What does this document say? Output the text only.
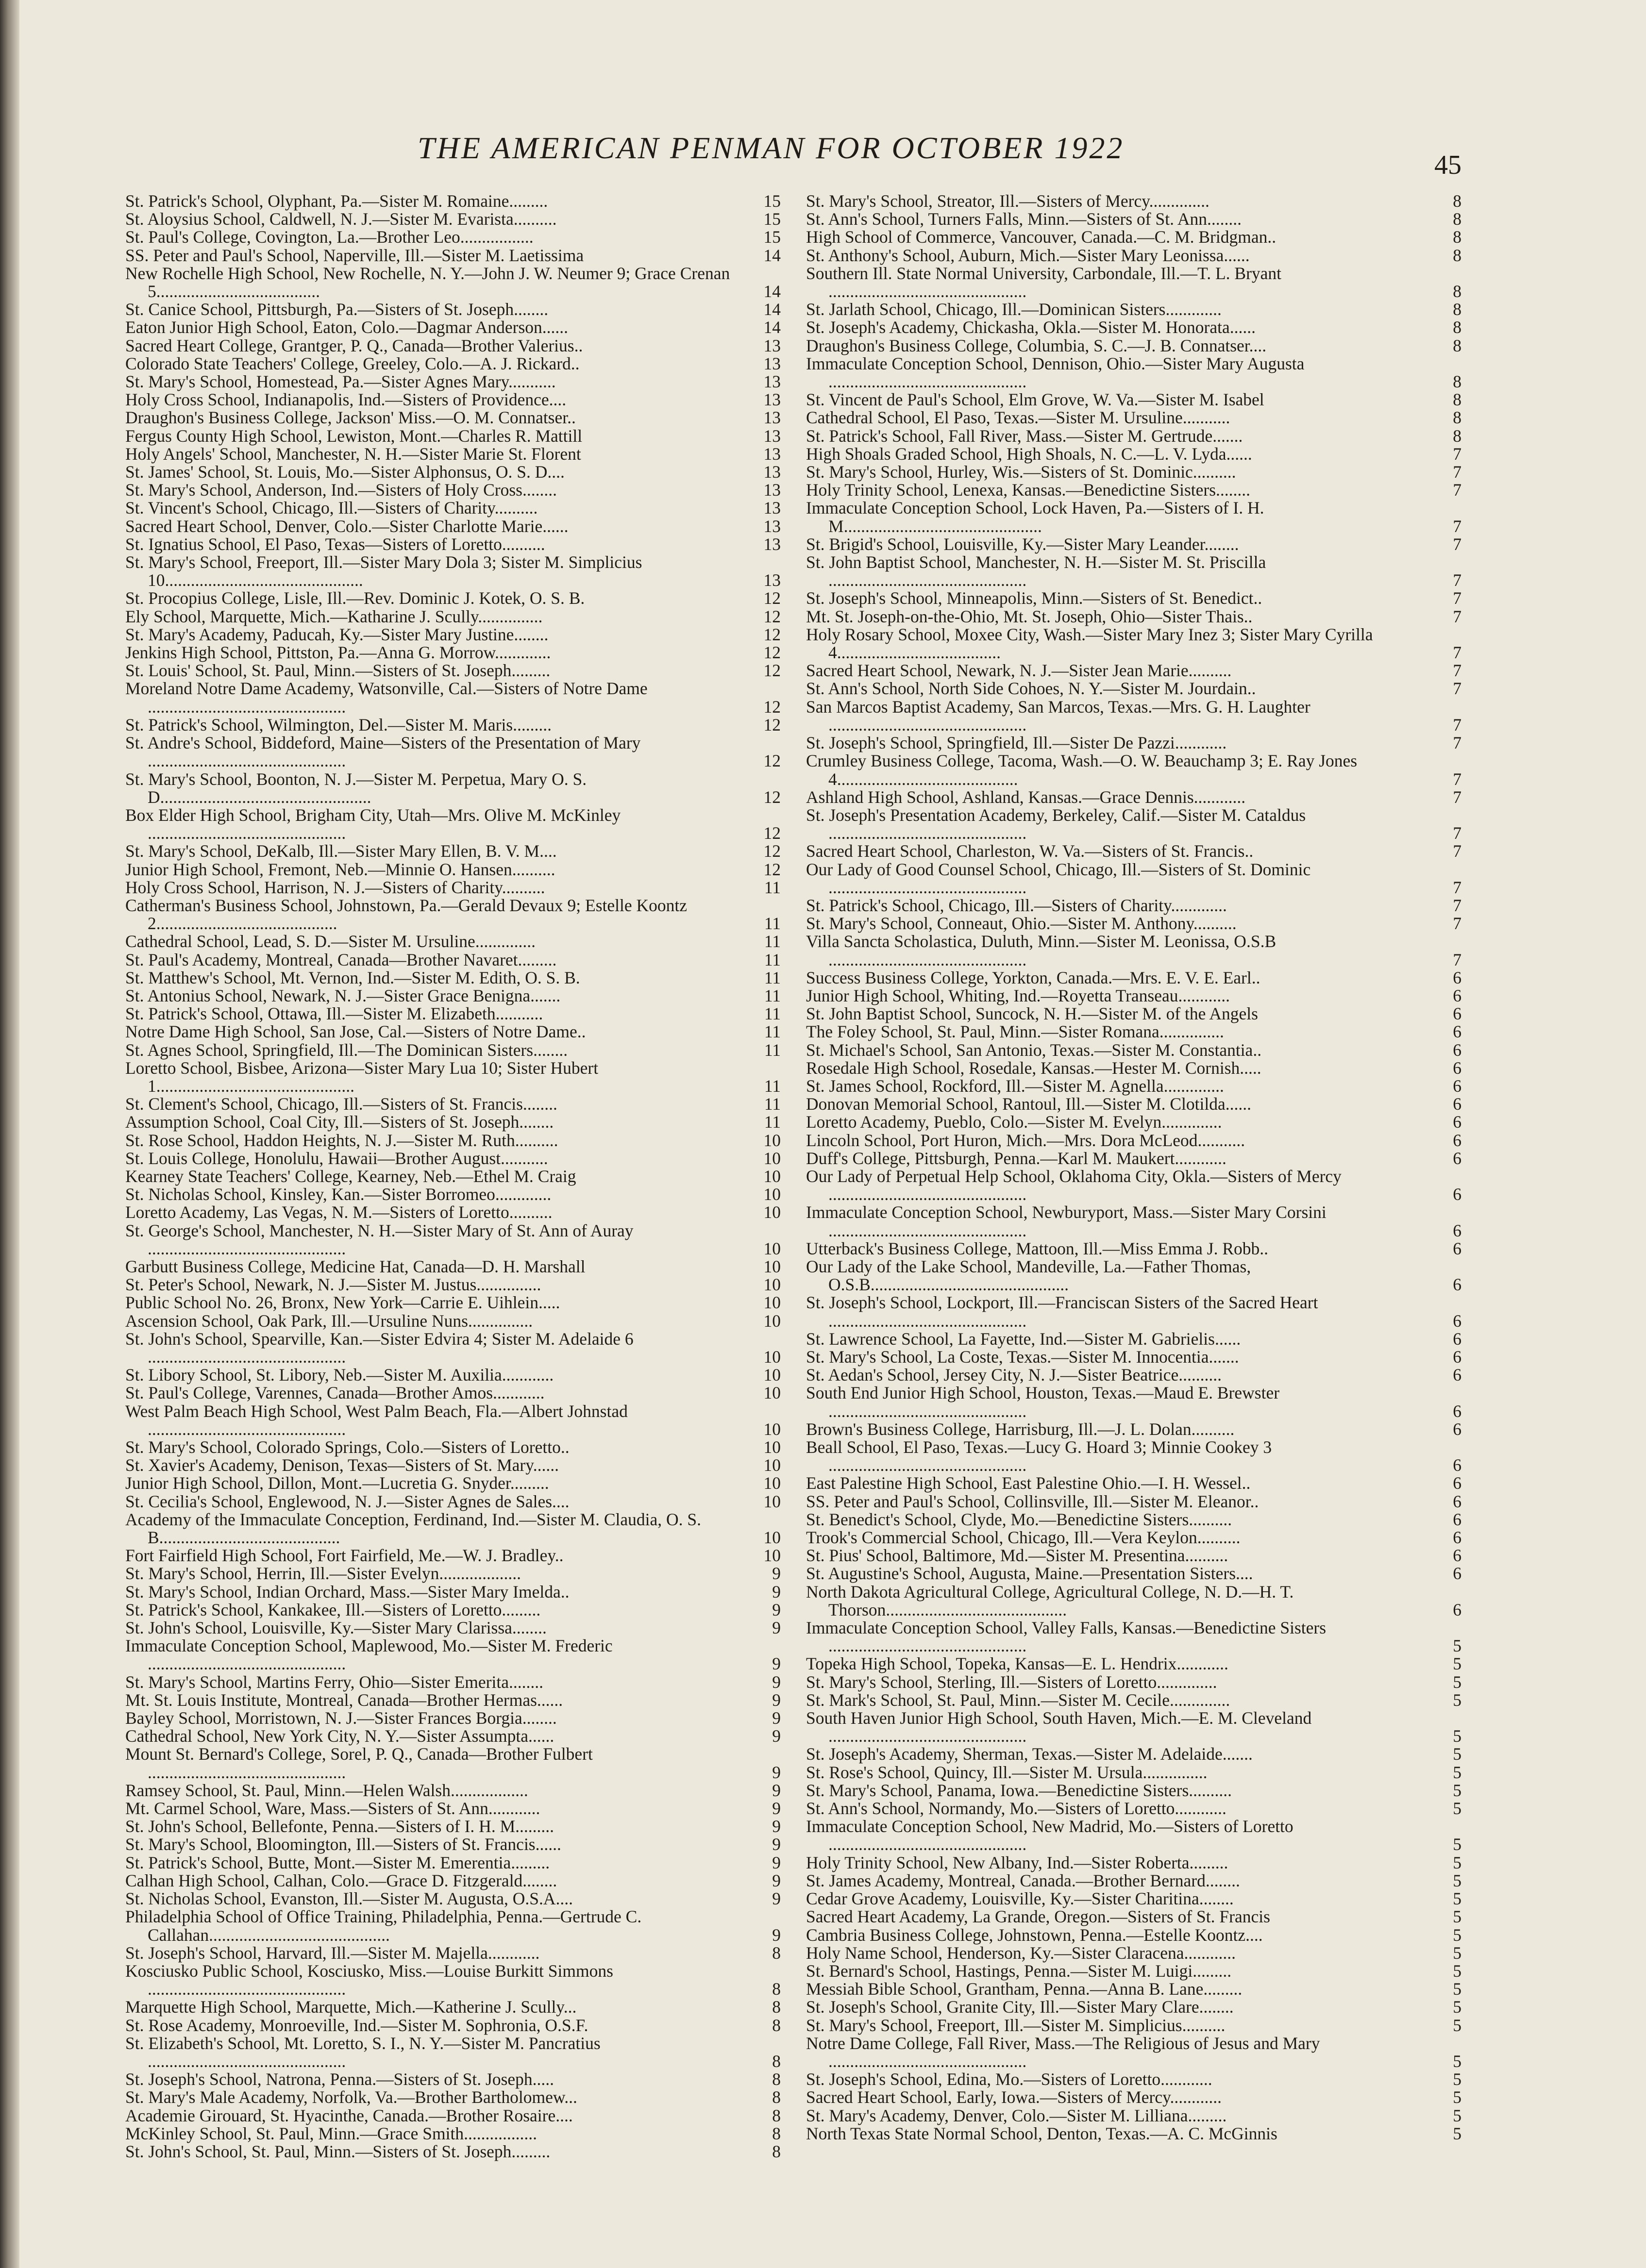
THE AMERICAN PENMAN FOR OCTOBER 1922	45
St. Patrick's School, Olyphant, Pa.—Sister M. Romaine.........	15
St. Aloysius School, Caldwell, N. J.—Sister M. Evarista..........	15
St. Paul's College, Covington, La.—Brother Leo.................	15
SS. Peter and Paul's School, Naperville, Ill.—Sister M. Laetissima	14
New Rochelle High School, New Rochelle, N. Y.—John J. W. Neumer 9; Grace Crenan 5......................................	14
St. Canice School, Pittsburgh, Pa.—Sisters of St. Joseph........	14
Eaton Junior High School, Eaton, Colo.—Dagmar Anderson......	14
Sacred Heart College, Grantger, P. Q., Canada—Brother Valerius..	13
Colorado State Teachers' College, Greeley, Colo.—A. J. Rickard..	13
St. Mary's School, Homestead, Pa.—Sister Agnes Mary...........	13
Holy Cross School, Indianapolis, Ind.—Sisters of Providence....	13
Draughon's Business College, Jackson' Miss.—O. M. Connatser..	13
Fergus County High School, Lewiston, Mont.—Charles R. Mattill	13
Holy Angels' School, Manchester, N. H.—Sister Marie St. Florent	13
St. James' School, St. Louis, Mo.—Sister Alphonsus, O. S. D....	13
St. Mary's School, Anderson, Ind.—Sisters of Holy Cross........	13
St. Vincent's School, Chicago, Ill.—Sisters of Charity..........	13
Sacred Heart School, Denver, Colo.—Sister Charlotte Marie......	13
St. Ignatius School, El Paso, Texas—Sisters of Loretto..........	13
St. Mary's School, Freeport, Ill.—Sister Mary Dola 3; Sister M. Simplicius 10..............................................	13
St. Procopius College, Lisle, Ill.—Rev. Dominic J. Kotek, O. S. B.	12
Ely School, Marquette, Mich.—Katharine J. Scully...............	12
St. Mary's Academy, Paducah, Ky.—Sister Mary Justine........	12
Jenkins High School, Pittston, Pa.—Anna G. Morrow.............	12
St. Louis' School, St. Paul, Minn.—Sisters of St. Joseph.........	12
Moreland Notre Dame Academy, Watsonville, Cal.—Sisters of Notre Dame ..............................................	12
St. Patrick's School, Wilmington, Del.—Sister M. Maris.........	12
St. Andre's School, Biddeford, Maine—Sisters of the Presentation of Mary ..............................................	12
St. Mary's School, Boonton, N. J.—Sister M. Perpetua, Mary O. S. D.................................................	12
Box Elder High School, Brigham City, Utah—Mrs. Olive M. McKinley ..............................................	12
St. Mary's School, DeKalb, Ill.—Sister Mary Ellen, B. V. M....	12
Junior High School, Fremont, Neb.—Minnie O. Hansen..........	12
Holy Cross School, Harrison, N. J.—Sisters of Charity..........	11
Catherman's Business School, Johnstown, Pa.—Gerald Devaux 9; Estelle Koontz 2..........................................	11
Cathedral School, Lead, S. D.—Sister M. Ursuline..............	11
St. Paul's Academy, Montreal, Canada—Brother Navaret.........	11
St. Matthew's School, Mt. Vernon, Ind.—Sister M. Edith, O. S. B.	11
St. Antonius School, Newark, N. J.—Sister Grace Benigna.......	11
St. Patrick's School, Ottawa, Ill.—Sister M. Elizabeth...........	11
Notre Dame High School, San Jose, Cal.—Sisters of Notre Dame..	11
St. Agnes School, Springfield, Ill.—The Dominican Sisters........	11
Loretto School, Bisbee, Arizona—Sister Mary Lua 10; Sister Hubert 1..............................................	11
St. Clement's School, Chicago, Ill.—Sisters of St. Francis........	11
Assumption School, Coal City, Ill.—Sisters of St. Joseph........	11
St. Rose School, Haddon Heights, N. J.—Sister M. Ruth..........	10
St. Louis College, Honolulu, Hawaii—Brother August...........	10
Kearney State Teachers' College, Kearney, Neb.—Ethel M. Craig	10
St. Nicholas School, Kinsley, Kan.—Sister Borromeo.............	10
Loretto Academy, Las Vegas, N. M.—Sisters of Loretto..........	10
St. George's School, Manchester, N. H.—Sister Mary of St. Ann of Auray ..............................................	10
Garbutt Business College, Medicine Hat, Canada—D. H. Marshall	10
St. Peter's School, Newark, N. J.—Sister M. Justus...............	10
Public School No. 26, Bronx, New York—Carrie E. Uihlein.....	10
Ascension School, Oak Park, Ill.—Ursuline Nuns...............	10
St. John's School, Spearville, Kan.—Sister Edvira 4; Sister M. Adelaide 6 ..............................................	10
St. Libory School, St. Libory, Neb.—Sister M. Auxilia............	10
St. Paul's College, Varennes, Canada—Brother Amos............	10
West Palm Beach High School, West Palm Beach, Fla.—Albert Johnstad ..............................................	10
St. Mary's School, Colorado Springs, Colo.—Sisters of Loretto..	10
St. Xavier's Academy, Denison, Texas—Sisters of St. Mary......	10
Junior High School, Dillon, Mont.—Lucretia G. Snyder.........	10
St. Cecilia's School, Englewood, N. J.—Sister Agnes de Sales....	10
Academy of the Immaculate Conception, Ferdinand, Ind.—Sister M. Claudia, O. S. B..........................................	10
Fort Fairfield High School, Fort Fairfield, Me.—W. J. Bradley..	10
St. Mary's School, Herrin, Ill.—Sister Evelyn...................	9
St. Mary's School, Indian Orchard, Mass.—Sister Mary Imelda..	9
St. Patrick's School, Kankakee, Ill.—Sisters of Loretto.........	9
St. John's School, Louisville, Ky.—Sister Mary Clarissa........	9
Immaculate Conception School, Maplewood, Mo.—Sister M. Frederic ..............................................	9
St. Mary's School, Martins Ferry, Ohio—Sister Emerita........	9
Mt. St. Louis Institute, Montreal, Canada—Brother Hermas......	9
Bayley School, Morristown, N. J.—Sister Frances Borgia........	9
Cathedral School, New York City, N. Y.—Sister Assumpta......	9
Mount St. Bernard's College, Sorel, P. Q., Canada—Brother Fulbert ..............................................	9
Ramsey School, St. Paul, Minn.—Helen Walsh..................	9
Mt. Carmel School, Ware, Mass.—Sisters of St. Ann............	9
St. John's School, Bellefonte, Penna.—Sisters of I. H. M.........	9
St. Mary's School, Bloomington, Ill.—Sisters of St. Francis......	9
St. Patrick's School, Butte, Mont.—Sister M. Emerentia.........	9
Calhan High School, Calhan, Colo.—Grace D. Fitzgerald........	9
St. Nicholas School, Evanston, Ill.—Sister M. Augusta, O.S.A....	9
Philadelphia School of Office Training, Philadelphia, Penna.—Gertrude C. Callahan..........................................	9
St. Joseph's School, Harvard, Ill.—Sister M. Majella............	8
Kosciusko Public School, Kosciusko, Miss.—Louise Burkitt Simmons ..............................................	8
Marquette High School, Marquette, Mich.—Katherine J. Scully...	8
St. Rose Academy, Monroeville, Ind.—Sister M. Sophronia, O.S.F.	8
St. Elizabeth's School, Mt. Loretto, S. I., N. Y.—Sister M. Pancratius ..............................................	8
St. Joseph's School, Natrona, Penna.—Sisters of St. Joseph.....	8
St. Mary's Male Academy, Norfolk, Va.—Brother Bartholomew...	8
Academie Girouard, St. Hyacinthe, Canada.—Brother Rosaire....	8
McKinley School, St. Paul, Minn.—Grace Smith.................	8
St. John's School, St. Paul, Minn.—Sisters of St. Joseph.........	8
St. Mary's School, Streator, Ill.—Sisters of Mercy..............	8
St. Ann's School, Turners Falls, Minn.—Sisters of St. Ann........	8
High School of Commerce, Vancouver, Canada.—C. M. Bridgman..	8
St. Anthony's School, Auburn, Mich.—Sister Mary Leonissa......	8
Southern Ill. State Normal University, Carbondale, Ill.—T. L. Bryant ..............................................	8
St. Jarlath School, Chicago, Ill.—Dominican Sisters.............	8
St. Joseph's Academy, Chickasha, Okla.—Sister M. Honorata......	8
Draughon's Business College, Columbia, S. C.—J. B. Connatser....	8
Immaculate Conception School, Dennison, Ohio.—Sister Mary Augusta ..............................................	8
St. Vincent de Paul's School, Elm Grove, W. Va.—Sister M. Isabel	8
Cathedral School, El Paso, Texas.—Sister M. Ursuline...........	8
St. Patrick's School, Fall River, Mass.—Sister M. Gertrude.......	8
High Shoals Graded School, High Shoals, N. C.—L. V. Lyda......	7
St. Mary's School, Hurley, Wis.—Sisters of St. Dominic..........	7
Holy Trinity School, Lenexa, Kansas.—Benedictine Sisters........	7
Immaculate Conception School, Lock Haven, Pa.—Sisters of I. H. M..............................................	7
St. Brigid's School, Louisville, Ky.—Sister Mary Leander........	7
St. John Baptist School, Manchester, N. H.—Sister M. St. Priscilla ..............................................	7
St. Joseph's School, Minneapolis, Minn.—Sisters of St. Benedict..	7
Mt. St. Joseph-on-the-Ohio, Mt. St. Joseph, Ohio—Sister Thais..	7
Holy Rosary School, Moxee City, Wash.—Sister Mary Inez 3; Sister Mary Cyrilla 4......................................	7
Sacred Heart School, Newark, N. J.—Sister Jean Marie..........	7
St. Ann's School, North Side Cohoes, N. Y.—Sister M. Jourdain..	7
San Marcos Baptist Academy, San Marcos, Texas.—Mrs. G. H. Laughter ..............................................	7
St. Joseph's School, Springfield, Ill.—Sister De Pazzi............	7
Crumley Business College, Tacoma, Wash.—O. W. Beauchamp 3; E. Ray Jones 4..........................................	7
Ashland High School, Ashland, Kansas.—Grace Dennis............	7
St. Joseph's Presentation Academy, Berkeley, Calif.—Sister M. Cataldus ..............................................	7
Sacred Heart School, Charleston, W. Va.—Sisters of St. Francis..	7
Our Lady of Good Counsel School, Chicago, Ill.—Sisters of St. Dominic ..............................................	7
St. Patrick's School, Chicago, Ill.—Sisters of Charity.............	7
St. Mary's School, Conneaut, Ohio.—Sister M. Anthony..........	7
Villa Sancta Scholastica, Duluth, Minn.—Sister M. Leonissa, O.S.B ..............................................	7
Success Business College, Yorkton, Canada.—Mrs. E. V. E. Earl..	6
Junior High School, Whiting, Ind.—Royetta Transeau............	6
St. John Baptist School, Suncock, N. H.—Sister M. of the Angels	6
The Foley School, St. Paul, Minn.—Sister Romana...............	6
St. Michael's School, San Antonio, Texas.—Sister M. Constantia..	6
Rosedale High School, Rosedale, Kansas.—Hester M. Cornish.....	6
St. James School, Rockford, Ill.—Sister M. Agnella..............	6
Donovan Memorial School, Rantoul, Ill.—Sister M. Clotilda......	6
Loretto Academy, Pueblo, Colo.—Sister M. Evelyn..............	6
Lincoln School, Port Huron, Mich.—Mrs. Dora McLeod...........	6
Duff's College, Pittsburgh, Penna.—Karl M. Maukert............	6
Our Lady of Perpetual Help School, Oklahoma City, Okla.—Sisters of Mercy ..............................................	6
Immaculate Conception School, Newburyport, Mass.—Sister Mary Corsini ..............................................	6
Utterback's Business College, Mattoon, Ill.—Miss Emma J. Robb..	6
Our Lady of the Lake School, Mandeville, La.—Father Thomas, O.S.B..............................................	6
St. Joseph's School, Lockport, Ill.—Franciscan Sisters of the Sacred Heart ..............................................	6
St. Lawrence School, La Fayette, Ind.—Sister M. Gabrielis......	6
St. Mary's School, La Coste, Texas.—Sister M. Innocentia.......	6
St. Aedan's School, Jersey City, N. J.—Sister Beatrice..........	6
South End Junior High School, Houston, Texas.—Maud E. Brewster ..............................................	6
Brown's Business College, Harrisburg, Ill.—J. L. Dolan..........	6
Beall School, El Paso, Texas.—Lucy G. Hoard 3; Minnie Cookey 3 ..............................................	6
East Palestine High School, East Palestine Ohio.—I. H. Wessel..	6
SS. Peter and Paul's School, Collinsville, Ill.—Sister M. Eleanor..	6
St. Benedict's School, Clyde, Mo.—Benedictine Sisters..........	6
Trook's Commercial School, Chicago, Ill.—Vera Keylon..........	6
St. Pius' School, Baltimore, Md.—Sister M. Presentina..........	6
St. Augustine's School, Augusta, Maine.—Presentation Sisters....	6
North Dakota Agricultural College, Agricultural College, N. D.—H. T. Thorson..........................................	6
Immaculate Conception School, Valley Falls, Kansas.—Benedictine Sisters ..............................................	5
Topeka High School, Topeka, Kansas—E. L. Hendrix............	5
St. Mary's School, Sterling, Ill.—Sisters of Loretto..............	5
St. Mark's School, St. Paul, Minn.—Sister M. Cecile..............	5
South Haven Junior High School, South Haven, Mich.—E. M. Cleveland ..............................................	5
St. Joseph's Academy, Sherman, Texas.—Sister M. Adelaide.......	5
St. Rose's School, Quincy, Ill.—Sister M. Ursula...............	5
St. Mary's School, Panama, Iowa.—Benedictine Sisters..........	5
St. Ann's School, Normandy, Mo.—Sisters of Loretto............	5
Immaculate Conception School, New Madrid, Mo.—Sisters of Loretto ..............................................	5
Holy Trinity School, New Albany, Ind.—Sister Roberta.........	5
St. James Academy, Montreal, Canada.—Brother Bernard........	5
Cedar Grove Academy, Louisville, Ky.—Sister Charitina........	5
Sacred Heart Academy, La Grande, Oregon.—Sisters of St. Francis	5
Cambria Business College, Johnstown, Penna.—Estelle Koontz....	5
Holy Name School, Henderson, Ky.—Sister Claracena............	5
St. Bernard's School, Hastings, Penna.—Sister M. Luigi.........	5
Messiah Bible School, Grantham, Penna.—Anna B. Lane.........	5
St. Joseph's School, Granite City, Ill.—Sister Mary Clare........	5
St. Mary's School, Freeport, Ill.—Sister M. Simplicius..........	5
Notre Dame College, Fall River, Mass.—The Religious of Jesus and Mary ..............................................	5
St. Joseph's School, Edina, Mo.—Sisters of Loretto............	5
Sacred Heart School, Early, Iowa.—Sisters of Mercy............	5
St. Mary's Academy, Denver, Colo.—Sister M. Lilliana.........	5
North Texas State Normal School, Denton, Texas.—A. C. McGinnis	5
